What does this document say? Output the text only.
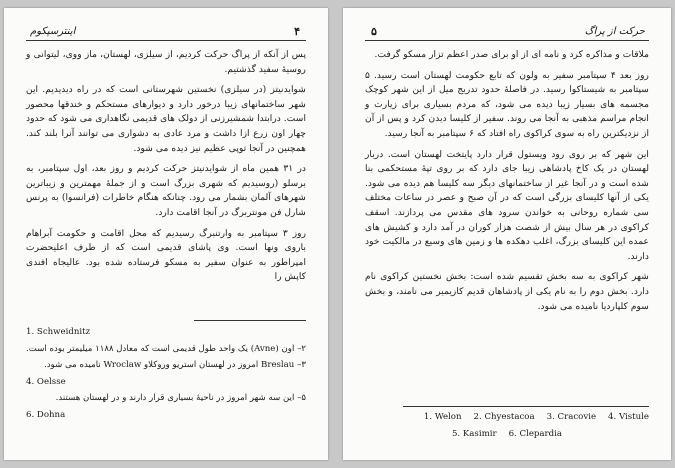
۴
اینترسپکوم

پس از آنکه از پراگ حرکت کردیم، از سیلزی، لهستان، ماز ووی، لیتوانی و روسیهٔ سفید گذشتیم.

شوایدنیتز (در سیلزی) نخستین شهرستانی است که در راه دیدیدیم. این شهر ساختمانهای زیبا درخور دارد و دیوارهای مستحکم و خندقها محصور است. درابتدا شمشیرزنی از دولک های قدیمی نگاهداری می شود که حدود چهار اون زرع ازا داشت و مرد عادی به دشواری می توانند آنرا بلند کند. همچنین در آنجا توپی عظیم نیز دیده می شود.

در ۳۱ همین ماه از شوایدنیتز حرکت کردیم و روز بعد، اول سپتامبر، به برسلو (روسیدیم که شهری بزرگ است و از جملهٔ مهمترین و زیباترین شهرهای آلمان بشمار می رود. چنانکه هنگام خاطرات (فرانسوا) به پرنس شارل فن مونتربرگ در آنجا اقامت دارد.

روز ۳ سپتامبر به وارتنبرگ رسیدیم که محل اقامت و حکومت آبراهام باروی ونها است. وی پاشای قدیمی است که از طرف اعلیحضرت امپراطور به عنوان سفیر به مسکو فرستاده شده بود. عالیجاه افندی کاپش را

1. Schweidnitz
۲– اون (Avne) یک واحد طول قدیمی است که معادل ۱۱۸۸ میلیمتر بوده است.
۳– Breslau امروز در لهستان استریو وروکلاو Wroclaw نامیده می شود.
4. Oelsse
۵– این سه شهر امروز در ناحیهٔ بسیاری قرار دارند و در لهستان هستند.
6. Dohna
۵	حرکت از پراگ

ملاقات و مذاکره کرد و نامه ای از او برای صدر اعظم تزار مسکو گرفت.

روز بعد ۴ سپتامبر سفیر به ولون که تابع حکومت لهستان است رسید. ۵ سپتامبر به شیستاکوا رسید. در فاصلهٔ حدود تدریج میل از این شهر کوچک مجسمه های بسیار زیبا دیده می شود، که مردم بسیاری برای زیارت و انجام مراسم مذهبی به آنجا می روند. سفیر از کلیسا دیدن کرد و پس از آن از نزدیکترین راه به سوی کراکوی راه افتاد که ۶ سپتامبر به آنجا رسید.

این شهر که بر روی رود ویستول قرار دارد پایتخت لهستان است. دربار لهستان در یک کاخ پادشاهی زیبا جای دارد که بر روی تپهٔ مستحکمی بنا شده است و در آنجا غیر از ساختمانهای دیگر سه کلیسا هم دیده می شود. یکی از آنها کلیسای بزرگی است که در آن صبح و عصر در ساعات مختلف سی شماره روحانی به خواندن سرود های مقدس می پردازند. اسقف کراکوی در هر سال بیش از شصت هزار کوران در آمد دارد و کشیش های عمده این کلیسای بزرگ، اغلب دهکده ها و زمین های وسیع در مالکیت خود دارند.

شهر کراکوی به سه بخش تقسیم شده است: بخش نخستین کراکوی نام دارد. بخش دوم را به نام یکی از پادشاهان قدیم کازیمیر می نامند، و بخش سوم کلپاردیا نامیده می شود.

1. Welon 2. Chyestacoa 3. Cracovie 4. Vistule
5. Kasimir 6. Clepardia
